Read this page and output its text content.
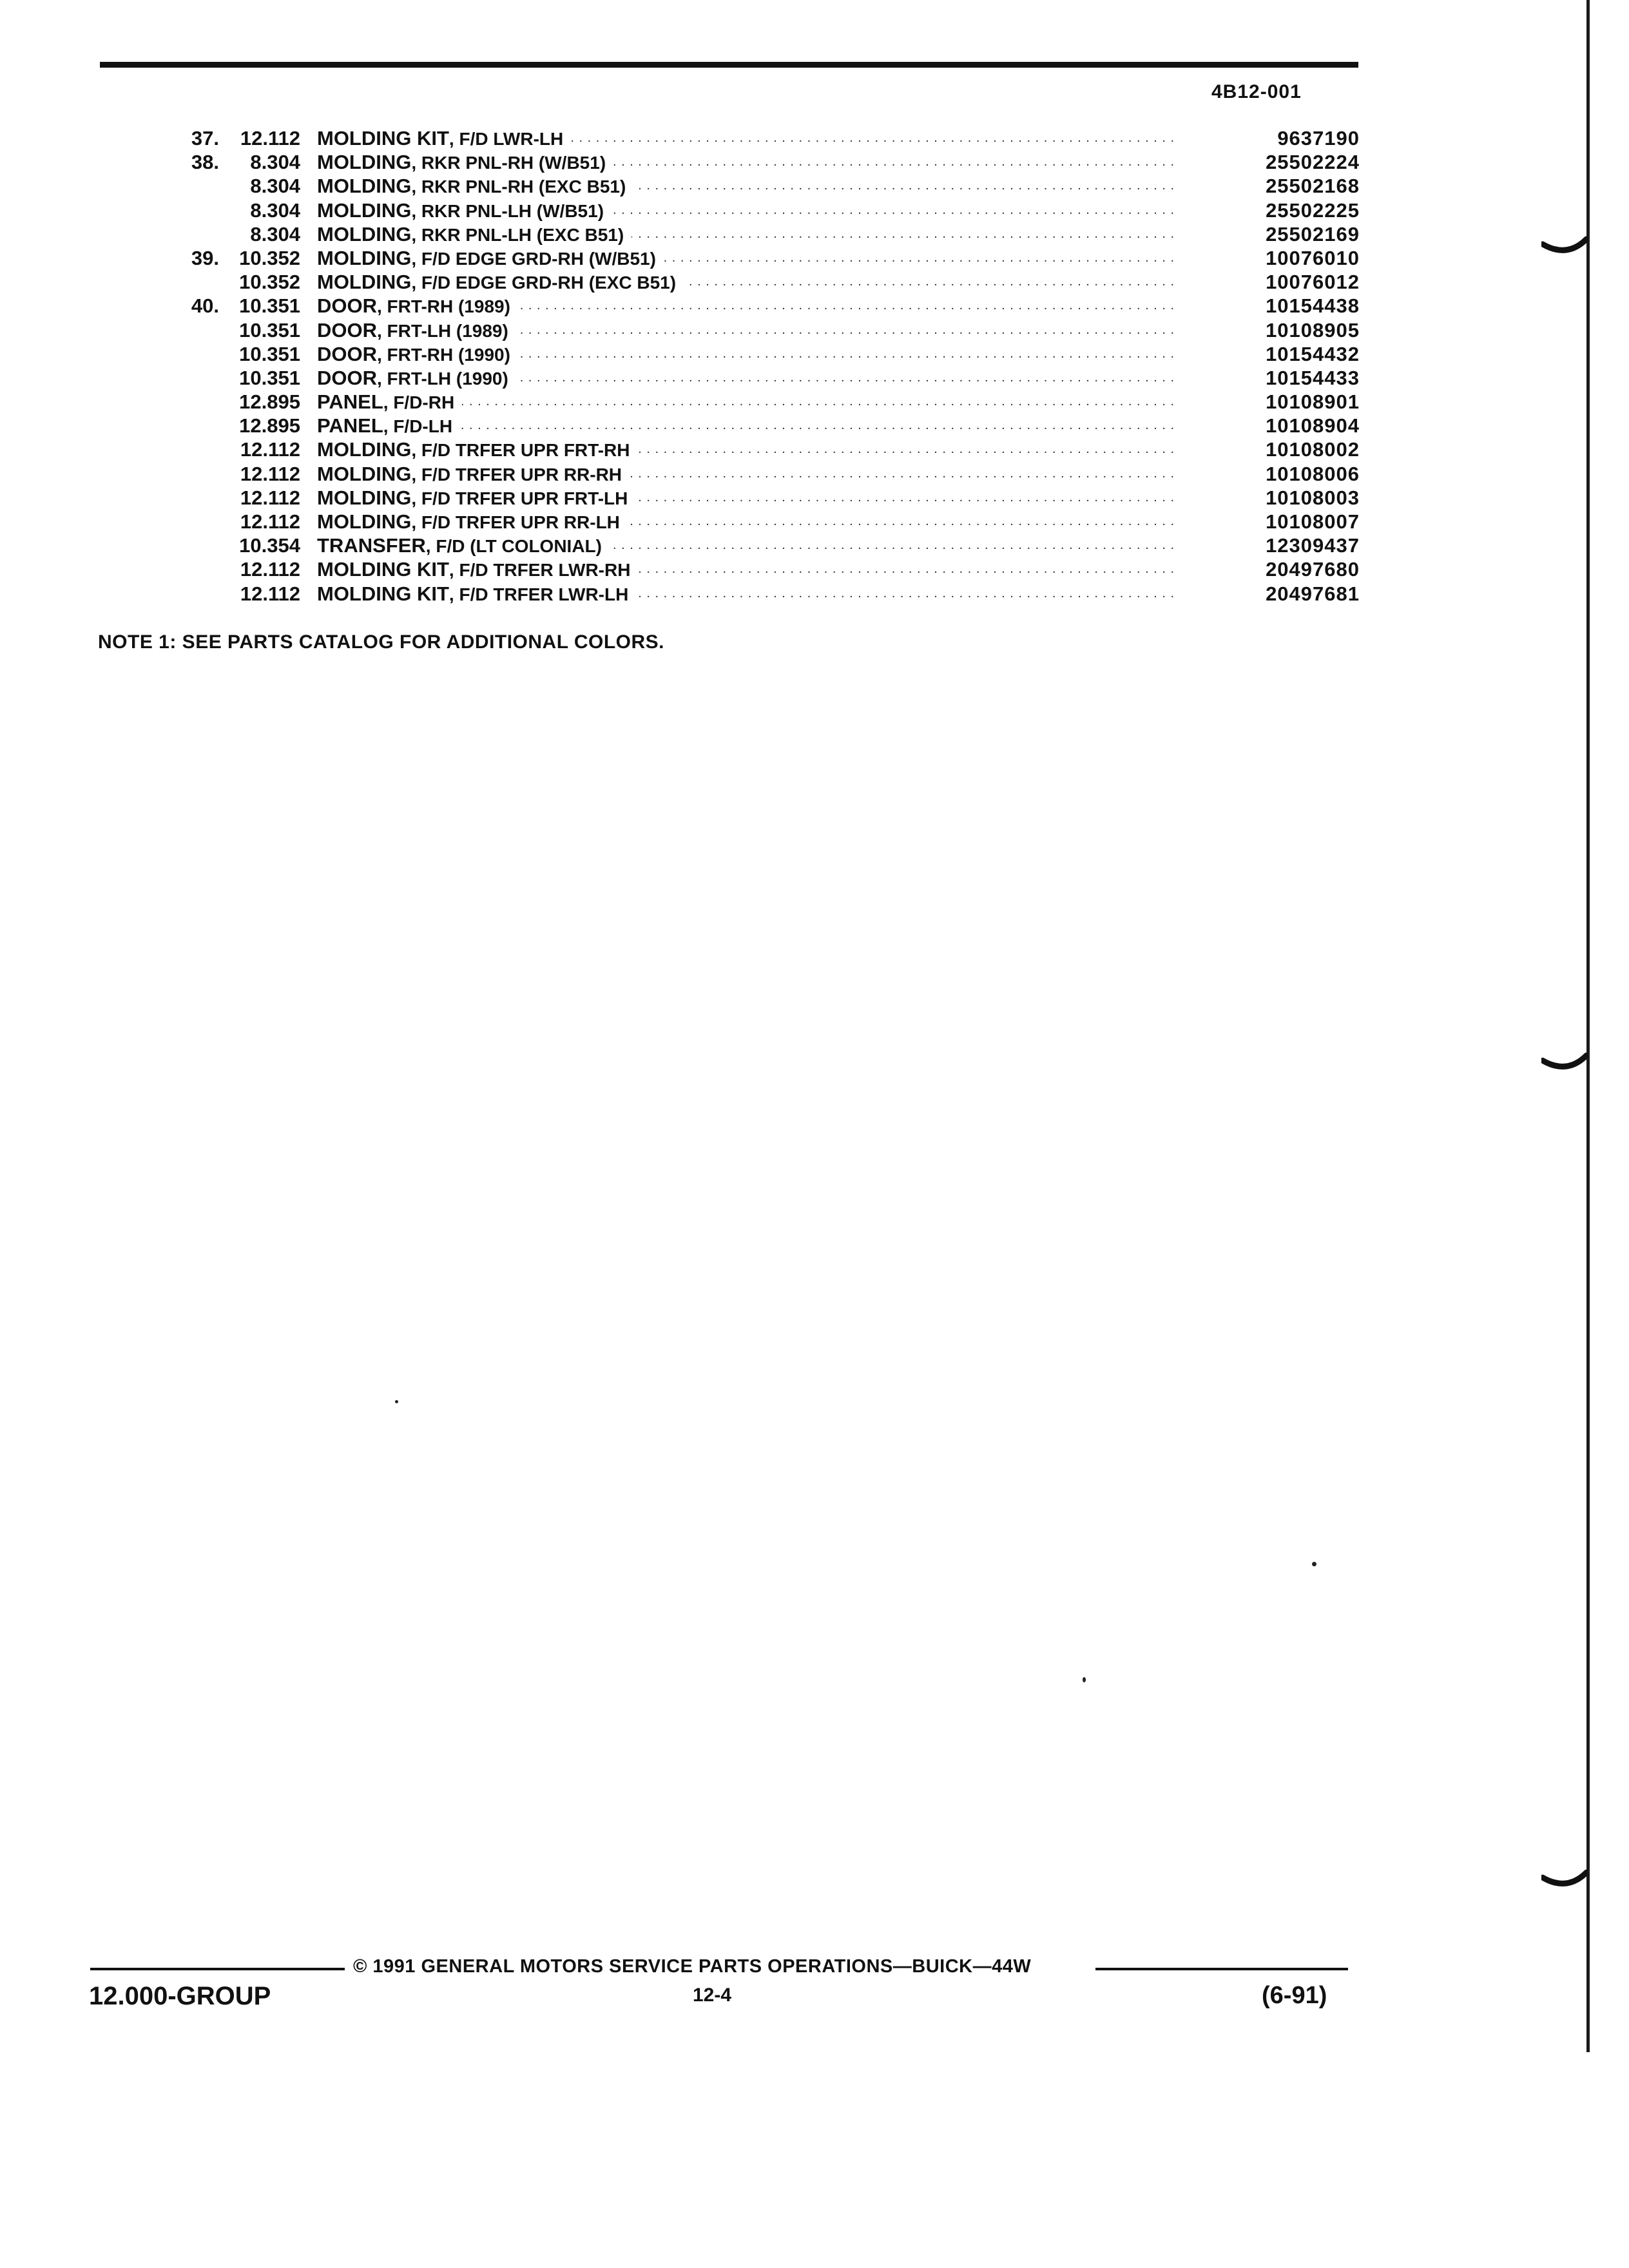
4B12-001
37.	12.112 MOLDING KIT, F/D LWR-LH . . .	9637190
38.	8.304 MOLDING, RKR PNL-RH (W/B51) . . .	25502224
8.304 MOLDING, RKR PNL-RH (EXC B51) . . .	25502168
8.304 MOLDING, RKR PNL-LH (W/B51) . . .	25502225
8.304 MOLDING, RKR PNL-LH (EXC B51) . . .	25502169
39.	10.352 MOLDING, F/D EDGE GRD-RH (W/B51) . . .	10076010
10.352 MOLDING, F/D EDGE GRD-RH (EXC B51) . . .	10076012
40.	10.351 DOOR, FRT-RH (1989) . . .	10154438
10.351 DOOR, FRT-LH (1989) . . .	10108905
10.351 DOOR, FRT-RH (1990) . . .	10154432
10.351 DOOR, FRT-LH (1990) . . .	10154433
12.895 PANEL, F/D-RH . . .	10108901
12.895 PANEL, F/D-LH . . .	10108904
12.112 MOLDING, F/D TRFER UPR FRT-RH . . .	10108002
12.112 MOLDING, F/D TRFER UPR RR-RH . . .	10108006
12.112 MOLDING, F/D TRFER UPR FRT-LH . . .	10108003
12.112 MOLDING, F/D TRFER UPR RR-LH . . .	10108007
10.354 TRANSFER, F/D (LT COLONIAL) . . .	12309437
12.112 MOLDING KIT, F/D TRFER LWR-RH . . .	20497680
12.112 MOLDING KIT, F/D TRFER LWR-LH . . .	20497681
NOTE 1: SEE PARTS CATALOG FOR ADDITIONAL COLORS.
© 1991 GENERAL MOTORS SERVICE PARTS OPERATIONS—BUICK—44W
12.000-GROUP	12-4	(6-91)
